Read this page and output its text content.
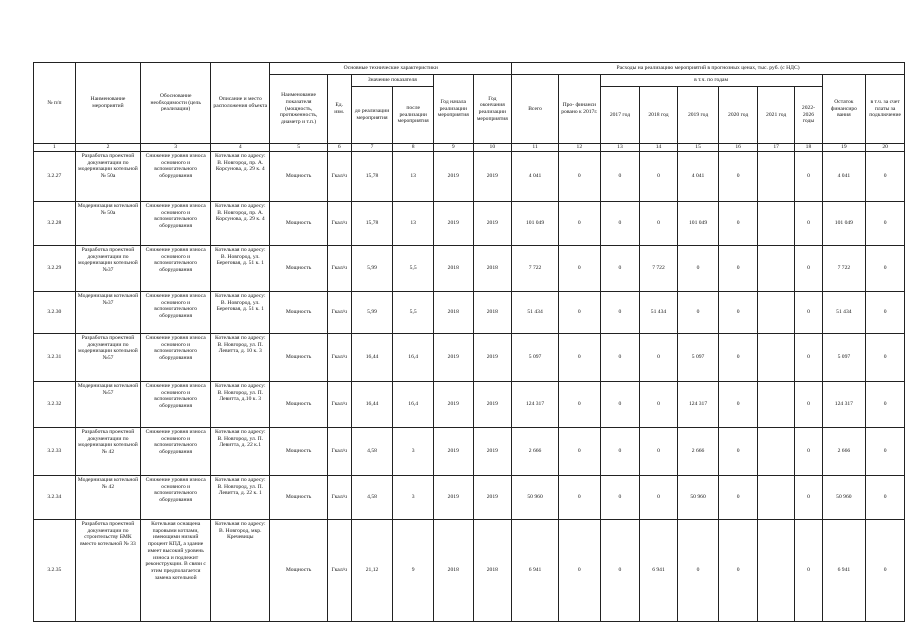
№ п/п	Наименование мероприятий	Обоснование необходимости (цель реализации)	Описание и место расположения объекта	Основные технические характеристики						Расходы на реализацию мероприятий в прогнозных ценах, тыс. руб. (с НДС)									
				Наименование показателя (мощность, протяженность, диаметр и т.п.)	Ед. изм.	Значение показателя		Год начала реализации мероприятия	Год окончания реализации мероприятия	Всего	Про- финанси ровано к 2017г.	в т.ч. по годам						Остаток финансиро вания	в т.ч. за счет платы за подключение
						до реализации мероприятия	после реализации мероприятия					2017 год	2018 год	2019 год	2020 год	2021 год	2022- 2026 годы		
1	2	3	4	5	6	7	8	9	10	11	12	13	14	15	16	17	18	19	20
3.2.27	Разработка проектной документации по модернизации котельной № 50а	Снижение уровня износа основного и вспомогательного оборудования	Котельная по адресу: В. Новгород, пр. А. Корсунова, д. 29 к. 4	Мощность	Гкал/ч	15,78	13	2019	2019	4 041	0	0	0	4 041	0		0	4 041	0
3.2.28	Модернизация котельной № 50а	Снижение уровня износа основного и вспомогательного оборудования	Котельная по адресу: В. Новгород, пр. А. Корсунова, д. 29 к. 4	Мощность	Гкал/ч	15,78	13	2019	2019	101 049	0	0	0	101 049	0		0	101 049	0
3.2.29	Разработка проектной документации по модернизации котельной №37	Снижение уровня износа основного и вспомогательного оборудования	Котельная по адресу: В. Новгород, ул. Береговая, д. 51 к. 1	Мощность	Гкал/ч	5,99	5,5	2018	2018	7 722	0	0	7 722	0	0		0	7 722	0
3.2.30	Модернизация котельной №37	Снижение уровня износа основного и вспомогательного оборудования	Котельная по адресу: В. Новгород, ул. Береговая, д. 51 к. 1	Мощность	Гкал/ч	5,99	5,5	2018	2018	51 434	0	0	51 434	0	0		0	51 434	0
3.2.31	Разработка проектной документации по модернизации котельной №57	Снижение уровня износа основного и вспомогательного оборудования	Котельная по адресу: В. Новгород, ул. П. Левитта, д. 10 к. 3	Мощность	Гкал/ч	16,44	16,4	2019	2019	5 097	0	0	0	5 097	0		0	5 097	0
3.2.32	Модернизация котельной №57	Снижение уровня износа основного и вспомогательного оборудования	Котельная по адресу: В. Новгород, ул. П. Левитта, д.10 к. 3	Мощность	Гкал/ч	16,44	16,4	2019	2019	124 317	0	0	0	124 317	0		0	124 317	0
3.2.33	Разработка проектной документации по модернизации котельной № 42	Снижение уровня износа основного и вспомогательного оборудования	Котельная по адресу: В. Новгород, ул. П. Левитта, д. 22 к.1	Мощность	Гкал/ч	4,58	3	2019	2019	2 666	0	0	0	2 666	0		0	2 666	0
3.2.34	Модернизация котельной № 42	Снижение уровня износа основного и вспомогательного оборудования	Котельная по адресу: В. Новгород, ул. П. Левитта, д. 22 к. 1	Мощность	Гкал/ч	4,58	3	2019	2019	50 960	0	0	0	50 960	0		0	50 960	0
3.2.35	Разработка проектной документации по строительству БМК вместо котельной № 33	Котельная оснащена паровыми котлами, имеющими низкий процент КПД, а здание имеет высокий уровень износа и подлежит реконструкции. В связи с этим предполагается замена котельной	Котельная по адресу: В. Новгород, мкр. Кречевицы	Мощность	Гкал/ч	21,12	9	2018	2018	6 941	0	0	6 941	0	0		0	6 941	0
